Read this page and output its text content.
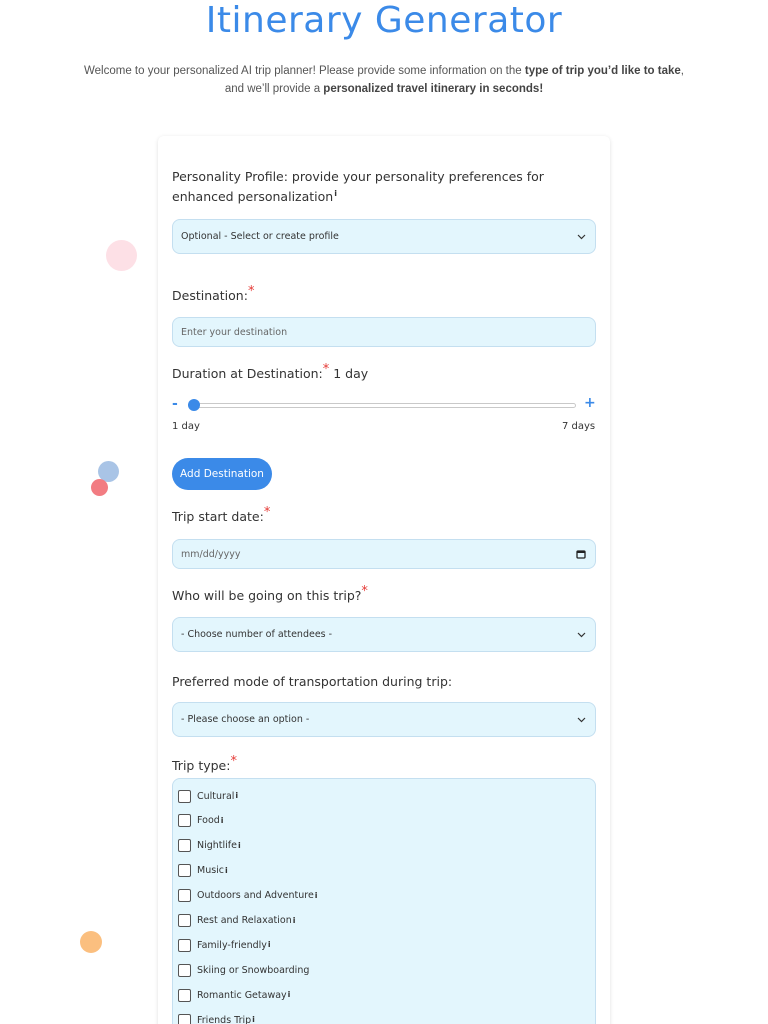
Itinerary Generator
Welcome to your personalized AI trip planner! Please provide some information on the type of trip you’d like to take,
and we’ll provide a personalized travel itinerary in seconds!
Personality Profile: provide your personality preferences for
enhanced personalization$^i$
Optional - Select or create profile
Destination:*
Enter your destination
Duration at Destination:* 1 day
-	+
1 day	7 days
Add Destination
Trip start date:*
mm/dd/yyyy
Who will be going on this trip?*
- Choose number of attendees -
Preferred mode of transportation during trip:
- Please choose an option -
Trip type:*
Cultural i
Food i
Nightlife i
Music i
Outdoors and Adventure i
Rest and Relaxation i
Family-friendly i
Skiing or Snowboarding
Romantic Getaway i
Friends Trip i
